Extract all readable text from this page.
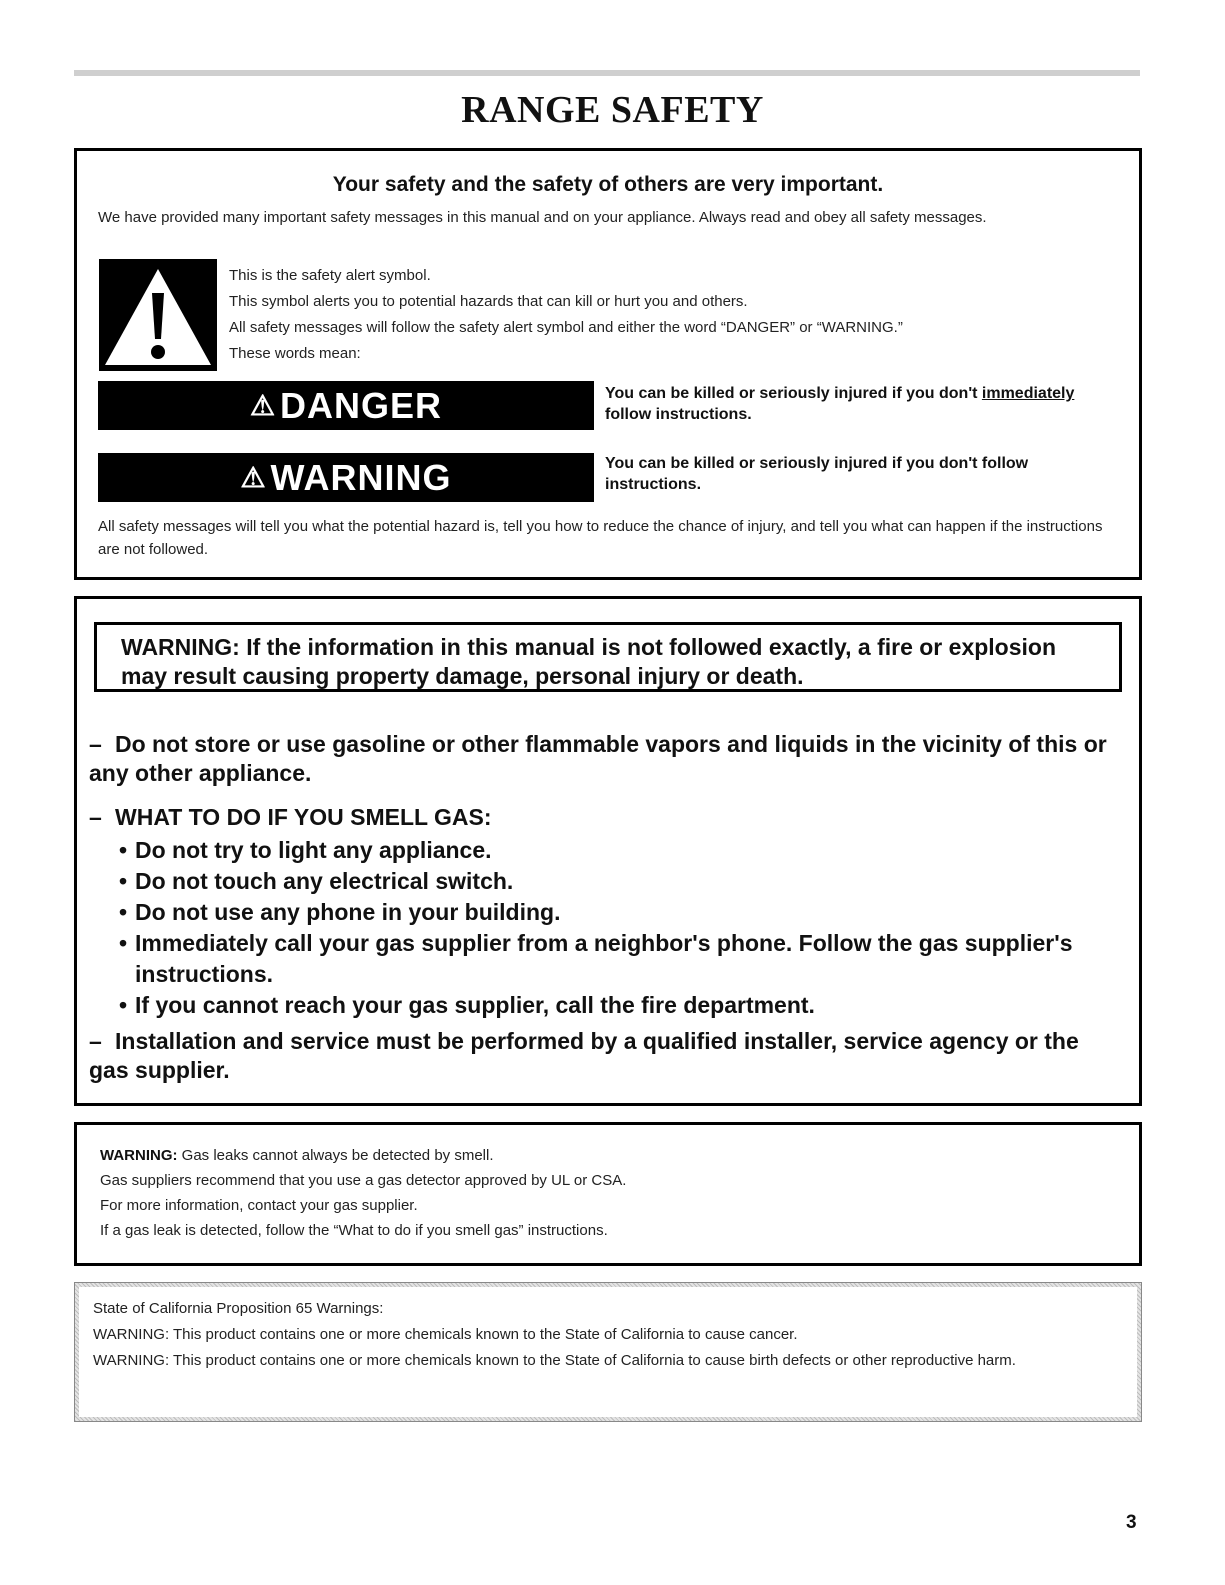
RANGE SAFETY
Your safety and the safety of others are very important.
We have provided many important safety messages in this manual and on your appliance. Always read and obey all safety messages.
This is the safety alert symbol.
This symbol alerts you to potential hazards that can kill or hurt you and others.
All safety messages will follow the safety alert symbol and either the word “DANGER” or “WARNING.”
These words mean:
⚠ DANGER	You can be killed or seriously injured if you don't immediately follow instructions.
⚠ WARNING	You can be killed or seriously injured if you don't follow instructions.
All safety messages will tell you what the potential hazard is, tell you how to reduce the chance of injury, and tell you what can happen if the instructions are not followed.
WARNING: If the information in this manual is not followed exactly, a fire or explosion may result causing property damage, personal injury or death.
– Do not store or use gasoline or other flammable vapors and liquids in the vicinity of this or any other appliance.
– WHAT TO DO IF YOU SMELL GAS:
• Do not try to light any appliance.
• Do not touch any electrical switch.
• Do not use any phone in your building.
• Immediately call your gas supplier from a neighbor's phone. Follow the gas supplier's instructions.
• If you cannot reach your gas supplier, call the fire department.
– Installation and service must be performed by a qualified installer, service agency or the gas supplier.
WARNING: Gas leaks cannot always be detected by smell.
Gas suppliers recommend that you use a gas detector approved by UL or CSA.
For more information, contact your gas supplier.
If a gas leak is detected, follow the “What to do if you smell gas” instructions.
State of California Proposition 65 Warnings:
WARNING: This product contains one or more chemicals known to the State of California to cause cancer.
WARNING: This product contains one or more chemicals known to the State of California to cause birth defects or other reproductive harm.
3
